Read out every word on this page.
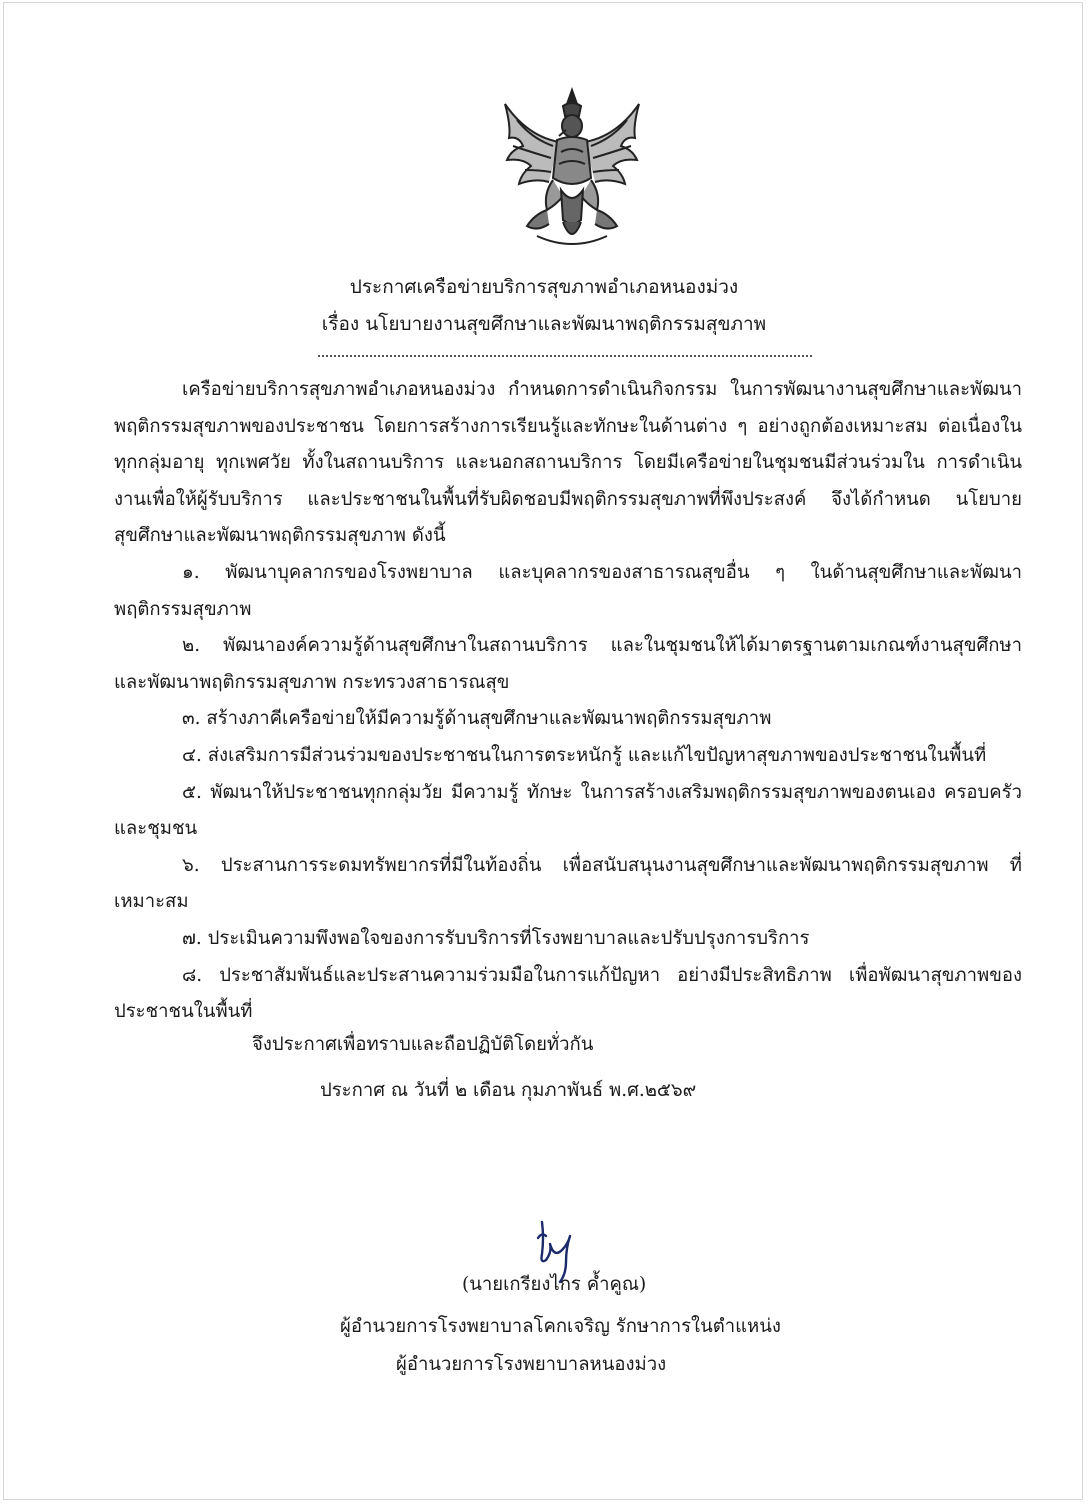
ประกาศเครือข่ายบริการสุขภาพอำเภอหนองม่วง
เรื่อง นโยบายงานสุขศึกษาและพัฒนาพฤติกรรมสุขภาพ

เครือข่ายบริการสุขภาพอำเภอหนองม่วง กำหนดการดำเนินกิจกรรม ในการพัฒนางานสุขศึกษาและพัฒนาพฤติกรรมสุขภาพของประชาชน โดยการสร้างการเรียนรู้และทักษะในด้านต่าง ๆ อย่างถูกต้องเหมาะสม ต่อเนื่องในทุกกลุ่มอายุ ทุกเพศวัย ทั้งในสถานบริการ และนอกสถานบริการ โดยมีเครือข่ายในชุมชนมีส่วนร่วมใน การดำเนินงานเพื่อให้ผู้รับบริการ และประชาชนในพื้นที่รับผิดชอบมีพฤติกรรมสุขภาพที่พึงประสงค์ จึงได้กำหนด นโยบายสุขศึกษาและพัฒนาพฤติกรรมสุขภาพ ดังนี้

๑. พัฒนาบุคลากรของโรงพยาบาล และบุคลากรของสาธารณสุขอื่น ๆ ในด้านสุขศึกษาและพัฒนา พฤติกรรมสุขภาพ

๒. พัฒนาองค์ความรู้ด้านสุขศึกษาในสถานบริการ และในชุมชนให้ได้มาตรฐานตามเกณฑ์งานสุขศึกษา และพัฒนาพฤติกรรมสุขภาพ กระทรวงสาธารณสุข

๓. สร้างภาคีเครือข่ายให้มีความรู้ด้านสุขศึกษาและพัฒนาพฤติกรรมสุขภาพ

๔. ส่งเสริมการมีส่วนร่วมของประชาชนในการตระหนักรู้ และแก้ไขปัญหาสุขภาพของประชาชนในพื้นที่

๕. พัฒนาให้ประชาชนทุกกลุ่มวัย มีความรู้ ทักษะ ในการสร้างเสริมพฤติกรรมสุขภาพของตนเอง ครอบครัวและชุมชน

๖. ประสานการระดมทรัพยากรที่มีในท้องถิ่น เพื่อสนับสนุนงานสุขศึกษาและพัฒนาพฤติกรรมสุขภาพ ที่เหมาะสม

๗. ประเมินความพึงพอใจของการรับบริการที่โรงพยาบาลและปรับปรุงการบริการ

๘. ประชาสัมพันธ์และประสานความร่วมมือในการแก้ปัญหา อย่างมีประสิทธิภาพ เพื่อพัฒนาสุขภาพของ ประชาชนในพื้นที่

จึงประกาศเพื่อทราบและถือปฏิบัติโดยทั่วกัน
ประกาศ ณ วันที่ ๒ เดือน กุมภาพันธ์ พ.ศ.๒๕๖๙
(นายเกรียงไกร ค้ำคูณ)
ผู้อำนวยการโรงพยาบาลโคกเจริญ รักษาการในตำแหน่ง
ผู้อำนวยการโรงพยาบาลหนองม่วง
